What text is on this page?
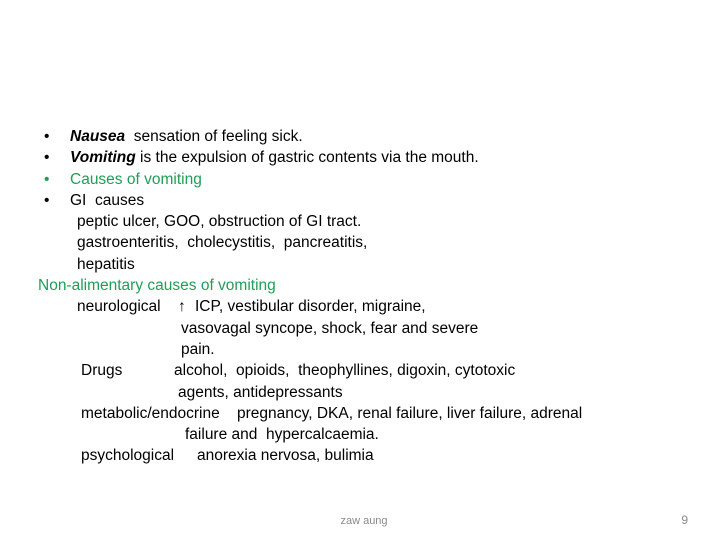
• Nausea  sensation of feeling sick.
• Vomiting is the expulsion of gastric contents via the mouth.
• Causes of vomiting
• GI  causes
peptic ulcer, GOO, obstruction of GI tract.
gastroenteritis,  cholecystitis,  pancreatitis,
hepatitis
Non-alimentary causes of vomiting
neurological ↑ ICP, vestibular disorder, migraine,
vasovagal syncope, shock, fear and severe
pain.
Drugs	alcohol,  opioids,  theophyllines, digoxin, cytotoxic
agents, antidepressants
metabolic/endocrine pregnancy, DKA, renal failure, liver failure, adrenal
failure and  hypercalcaemia.
psychological anorexia nervosa, bulimia
zaw aung	9
